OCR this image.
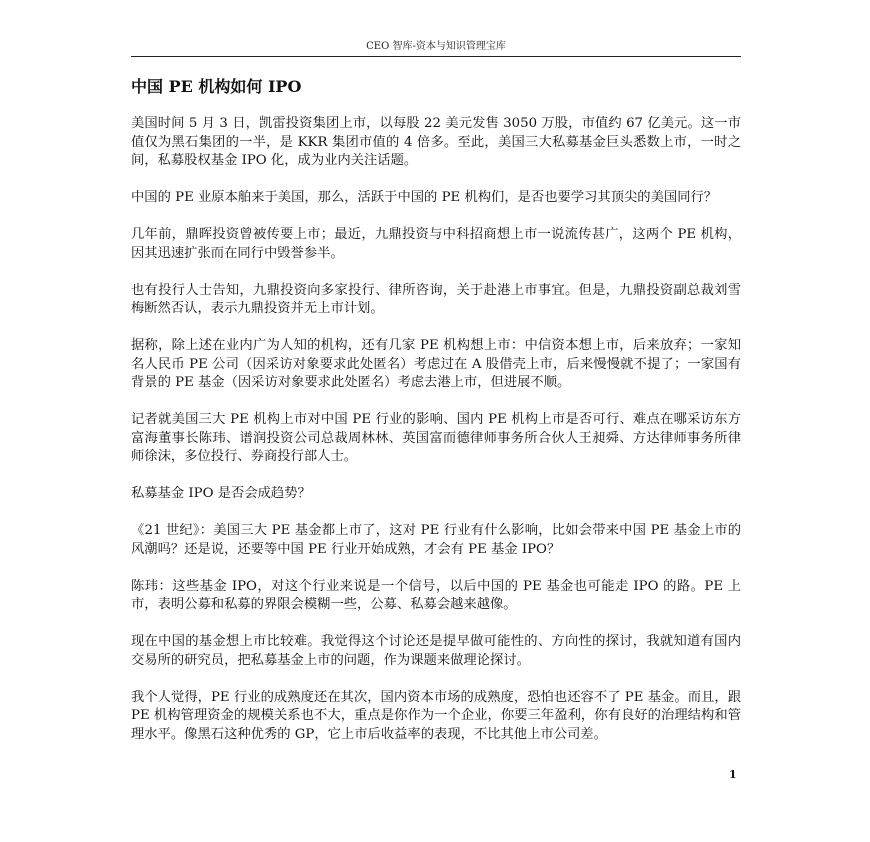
CEO 智库-资本与知识管理宝库
中国 PE 机构如何 IPO

美国时间 5 月 3 日，凯雷投资集团上市，以每股 22 美元发售 3050 万股，市值约 67 亿美元。这一市值仅为黑石集团的一半，是 KKR 集团市值的 4 倍多。至此，美国三大私募基金巨头悉数上市，一时之间，私募股权基金 IPO 化，成为业内关注话题。

中国的 PE 业原本舶来于美国，那么，活跃于中国的 PE 机构们，是否也要学习其顶尖的美国同行？

几年前，鼎晖投资曾被传要上市；最近，九鼎投资与中科招商想上市一说流传甚广，这两个 PE 机构，因其迅速扩张而在同行中毁誉参半。

也有投行人士告知，九鼎投资向多家投行、律所咨询，关于赴港上市事宜。但是，九鼎投资副总裁刘雪梅断然否认，表示九鼎投资并无上市计划。

据称，除上述在业内广为人知的机构，还有几家 PE 机构想上市：中信资本想上市，后来放弃；一家知名人民币 PE 公司（因采访对象要求此处匿名）考虑过在 A 股借壳上市，后来慢慢就不提了；一家国有背景的 PE 基金（因采访对象要求此处匿名）考虑去港上市，但进展不顺。

记者就美国三大 PE 机构上市对中国 PE 行业的影响、国内 PE 机构上市是否可行、难点在哪采访东方富海董事长陈玮、谱润投资公司总裁周林林、英国富而德律师事务所合伙人王昶舜、方达律师事务所律师徐沫，多位投行、券商投行部人士。

私募基金 IPO 是否会成趋势？

《21 世纪》：美国三大 PE 基金都上市了，这对 PE 行业有什么影响，比如会带来中国 PE 基金上市的风潮吗？还是说，还要等中国 PE 行业开始成熟，才会有 PE 基金 IPO？

陈玮：这些基金 IPO，对这个行业来说是一个信号，以后中国的 PE 基金也可能走 IPO 的路。PE 上市，表明公募和私募的界限会模糊一些，公募、私募会越来越像。

现在中国的基金想上市比较难。我觉得这个讨论还是提早做可能性的、方向性的探讨，我就知道有国内交易所的研究员，把私募基金上市的问题，作为课题来做理论探讨。

我个人觉得，PE 行业的成熟度还在其次，国内资本市场的成熟度，恐怕也还容不了 PE 基金。而且，跟 PE 机构管理资金的规模关系也不大，重点是你作为一个企业，你要三年盈利，你有良好的治理结构和管理水平。像黑石这种优秀的 GP，它上市后收益率的表现，不比其他上市公司差。

1
